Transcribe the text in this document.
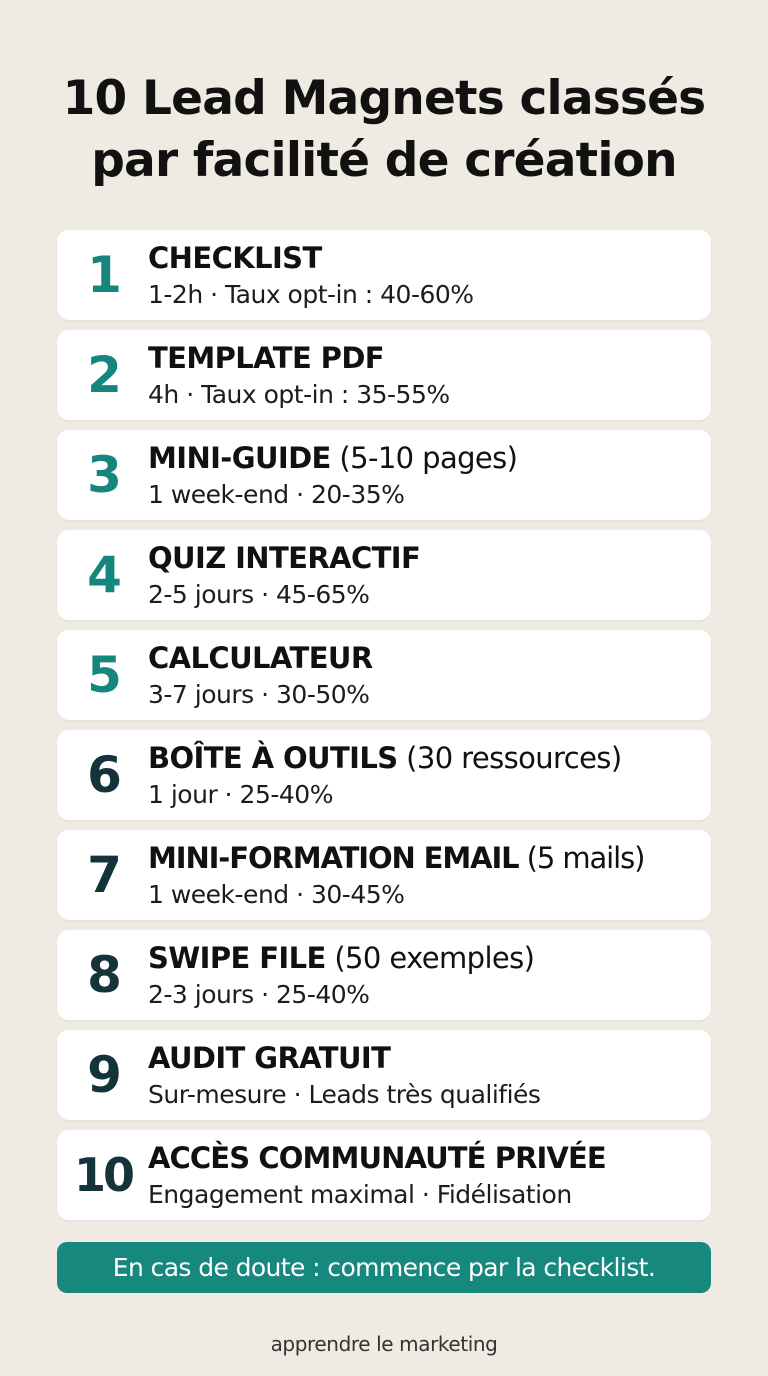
10 Lead Magnets classés
par facilité de création
1	CHECKLIST
1-2h · Taux opt-in : 40-60%
2	TEMPLATE PDF
4h · Taux opt-in : 35-55%
3	MINI-GUIDE (5-10 pages)
1 week-end · 20-35%
4	QUIZ INTERACTIF
2-5 jours · 45-65%
5	CALCULATEUR
3-7 jours · 30-50%
6	BOÎTE À OUTILS (30 ressources)
1 jour · 25-40%
7	MINI-FORMATION EMAIL (5 mails)
1 week-end · 30-45%
8	SWIPE FILE (50 exemples)
2-3 jours · 25-40%
9	AUDIT GRATUIT
Sur-mesure · Leads très qualifiés
10 ACCÈS COMMUNAUTÉ PRIVÉE
Engagement maximal · Fidélisation
En cas de doute : commence par la checklist.
apprendre le marketing
